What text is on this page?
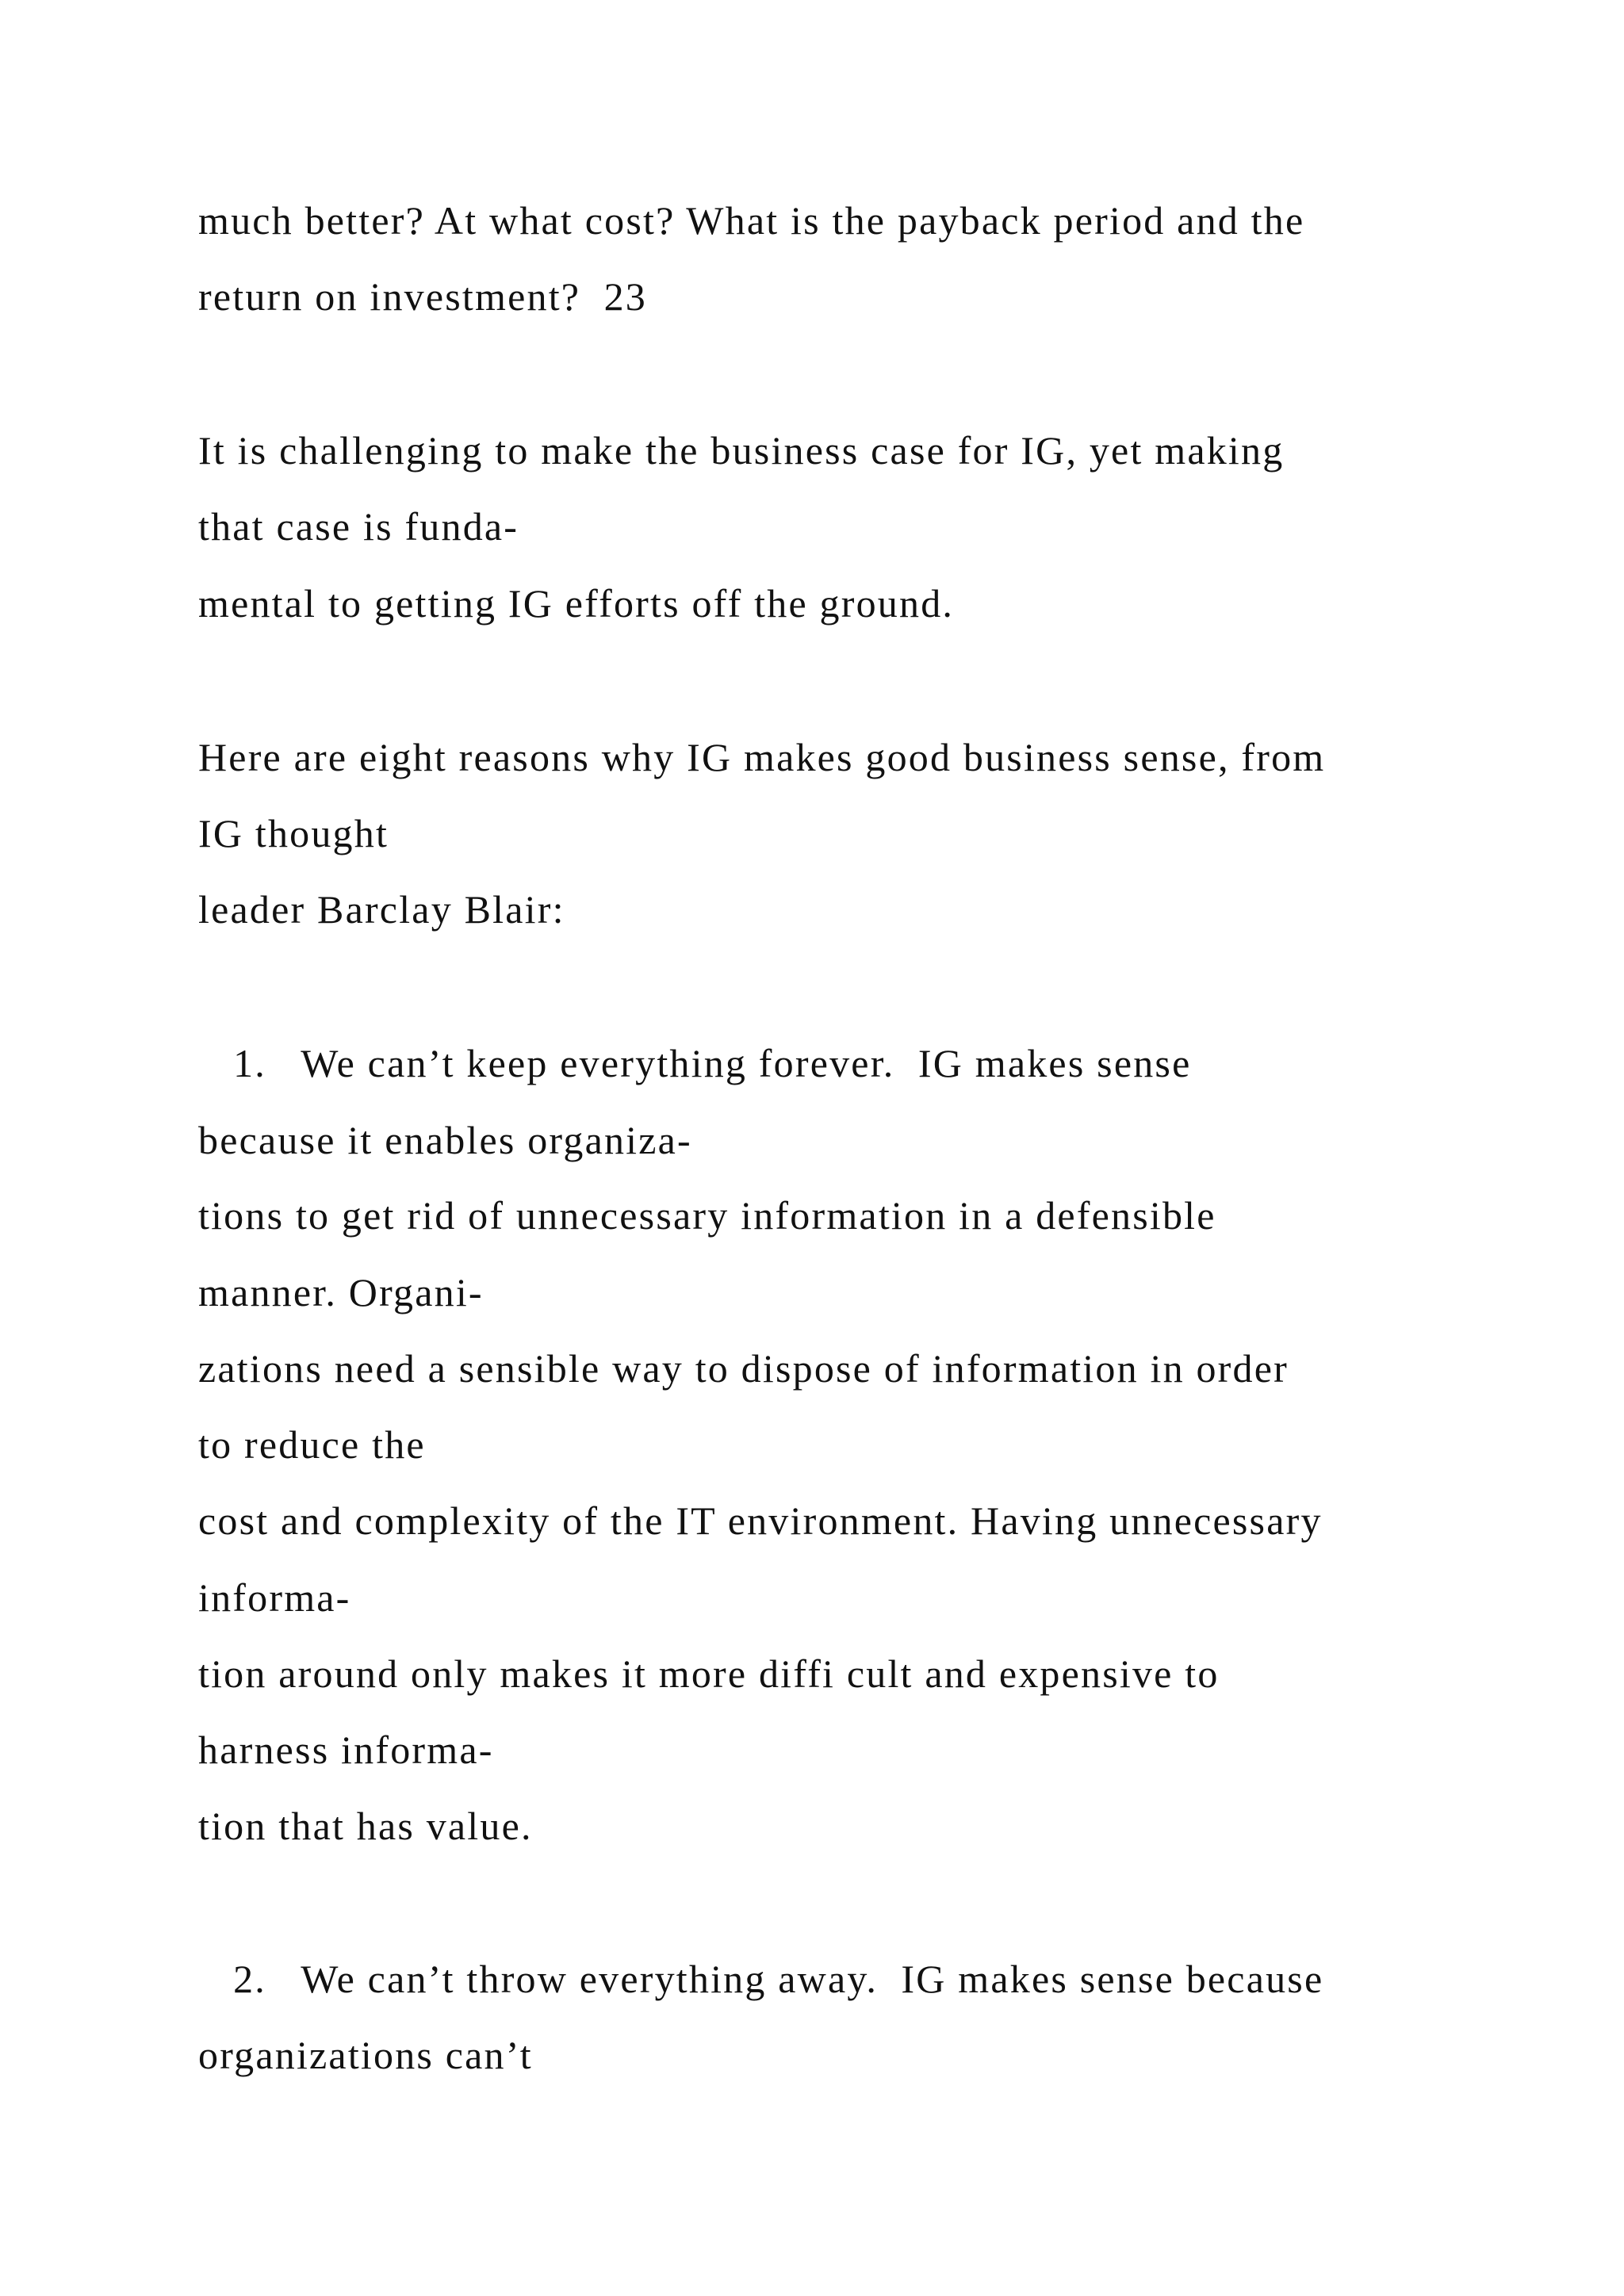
much better? At what cost? What is the payback period and the
return on investment?  23
It is challenging to make the business case for IG, yet making
that case is funda-
mental to getting IG efforts off the ground.
Here are eight reasons why IG makes good business sense, from
IG thought
leader Barclay Blair:
1.   We can’t keep everything forever.  IG makes sense
because it enables organiza-
tions to get rid of unnecessary information in a defensible
manner. Organi-
zations need a sensible way to dispose of information in order
to reduce the
cost and complexity of the IT environment. Having unnecessary
informa-
tion around only makes it more diffi cult and expensive to
harness informa-
tion that has value.
2.   We can’t throw everything away.  IG makes sense because
organizations can’t
